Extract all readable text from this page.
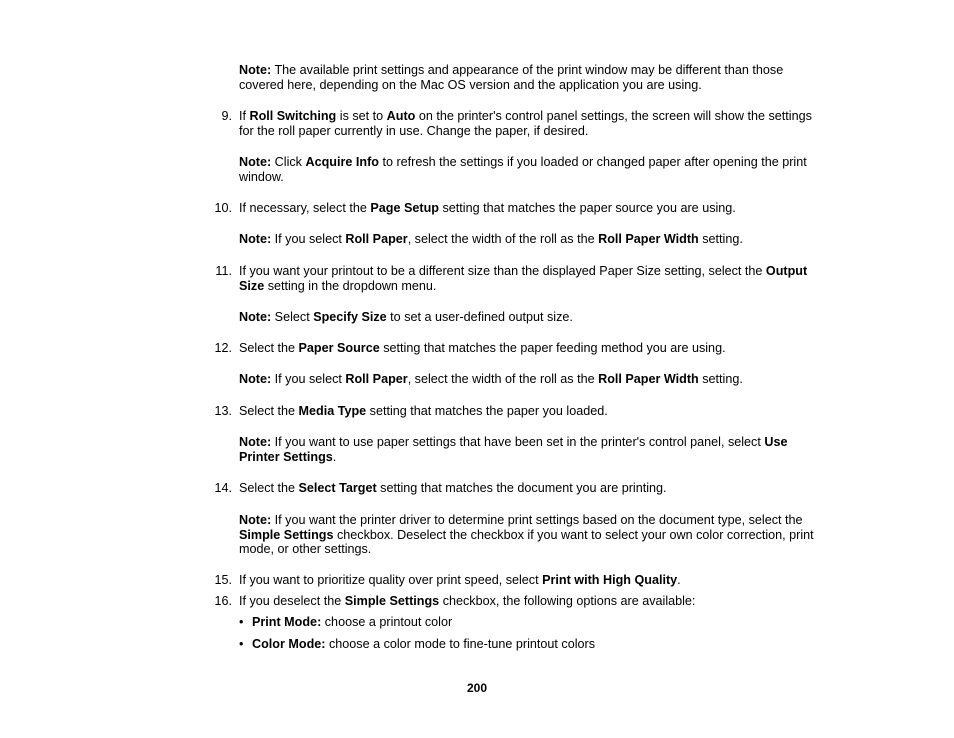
Note: The available print settings and appearance of the print window may be different than those covered here, depending on the Mac OS version and the application you are using.

9. If Roll Switching is set to Auto on the printer's control panel settings, the screen will show the settings for the roll paper currently in use. Change the paper, if desired.

Note: Click Acquire Info to refresh the settings if you loaded or changed paper after opening the print window.

10. If necessary, select the Page Setup setting that matches the paper source you are using.

Note: If you select Roll Paper, select the width of the roll as the Roll Paper Width setting.

11. If you want your printout to be a different size than the displayed Paper Size setting, select the Output Size setting in the dropdown menu.

Note: Select Specify Size to set a user-defined output size.

12. Select the Paper Source setting that matches the paper feeding method you are using.

Note: If you select Roll Paper, select the width of the roll as the Roll Paper Width setting.

13. Select the Media Type setting that matches the paper you loaded.

Note: If you want to use paper settings that have been set in the printer's control panel, select Use Printer Settings.

14. Select the Select Target setting that matches the document you are printing.

Note: If you want the printer driver to determine print settings based on the document type, select the Simple Settings checkbox. Deselect the checkbox if you want to select your own color correction, print mode, or other settings.

15. If you want to prioritize quality over print speed, select Print with High Quality.
16. If you deselect the Simple Settings checkbox, the following options are available:
• Print Mode: choose a printout color
• Color Mode: choose a color mode to fine-tune printout colors
200
